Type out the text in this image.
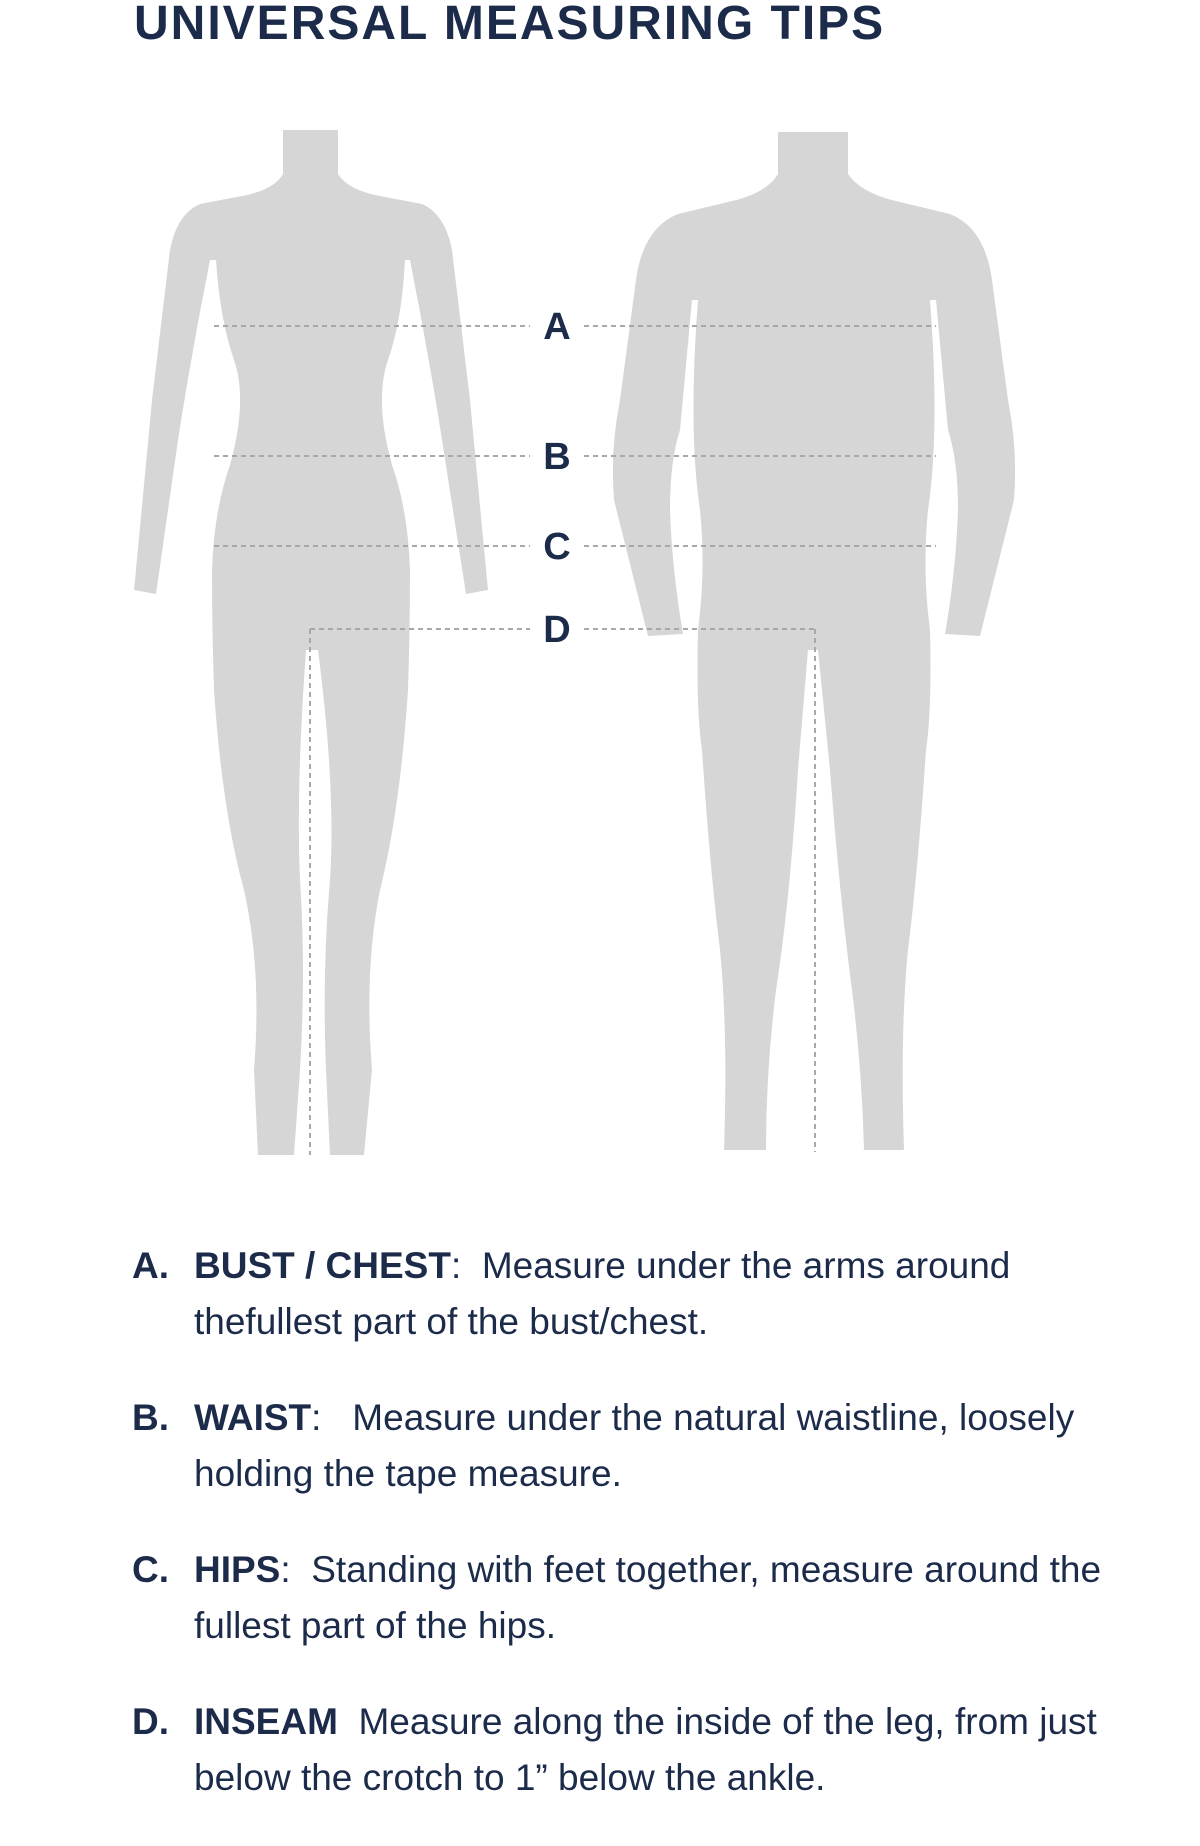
UNIVERSAL MEASURING TIPS
A
B
C
D
A. BUST / CHEST:  Measure under the arms around thefullest part of the bust/chest.
B. WAIST:   Measure under the natural waistline, loosely holding the tape measure.
C. HIPS:  Standing with feet together, measure around the fullest part of the hips.
D. INSEAM Measure along the inside of the leg, from just below the crotch to 1” below the ankle.
